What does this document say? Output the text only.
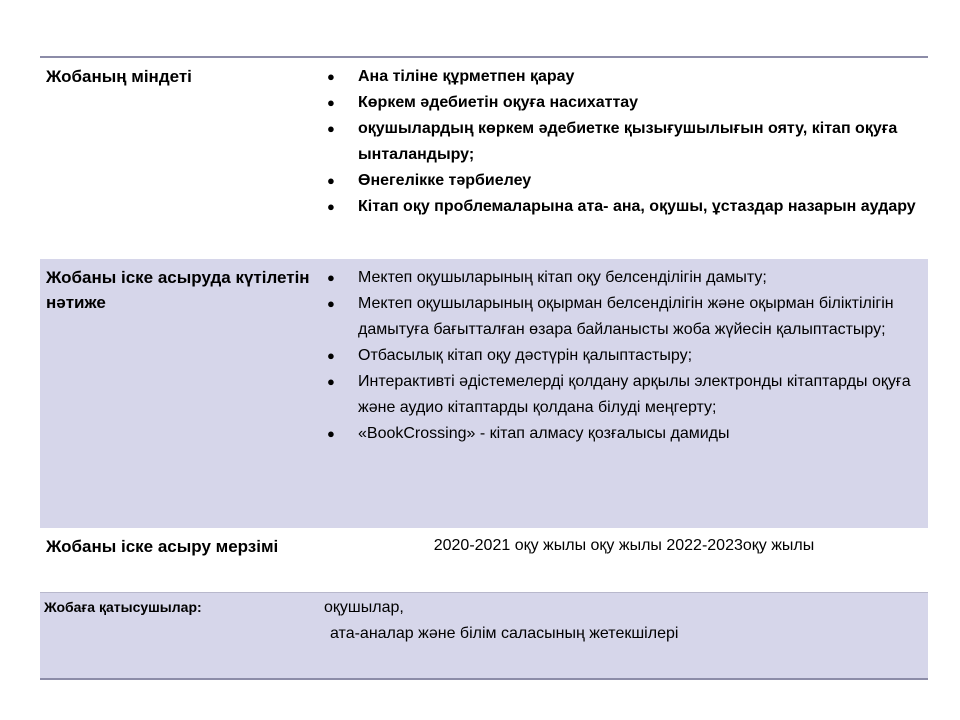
Жобаның міндеті	● Ана тіліне құрметпен қарау
● Көркем әдебиетін оқуға насихаттау
● оқушылардың көркем әдебиетке қызығушылығын ояту, кітап оқуға ынталандыру;
● Өнегелікке тәрбиелеу
● Кітап оқу проблемаларына ата- ана, оқушы, ұстаздар назарын аудару
Жобаны іске асыруда күтілетін нәтиже
● Мектеп оқушыларының кітап оқу белсенділігін дамыту;
● Мектеп оқушыларының оқырман белсенділігін және оқырман біліктілігін дамытуға бағытталған өзара байланысты жоба жүйесін қалыптастыру;
● Отбасылық кітап оқу дәстүрін қалыптастыру;
● Интерактивті әдістемелерді қолдану арқылы электронды кітаптарды оқуға және аудио кітаптарды қолдана білуді меңгерту;
● «BookCrossing» - кітап алмасу қозғалысы дамиды
Жобаны іске асыру мерзімі	2020-2021 оқу жылы оқу жылы 2022-2023оқу жылы
Жобаға қатысушылар:	оқушылар,
ата-аналар және білім саласының жетекшілері
